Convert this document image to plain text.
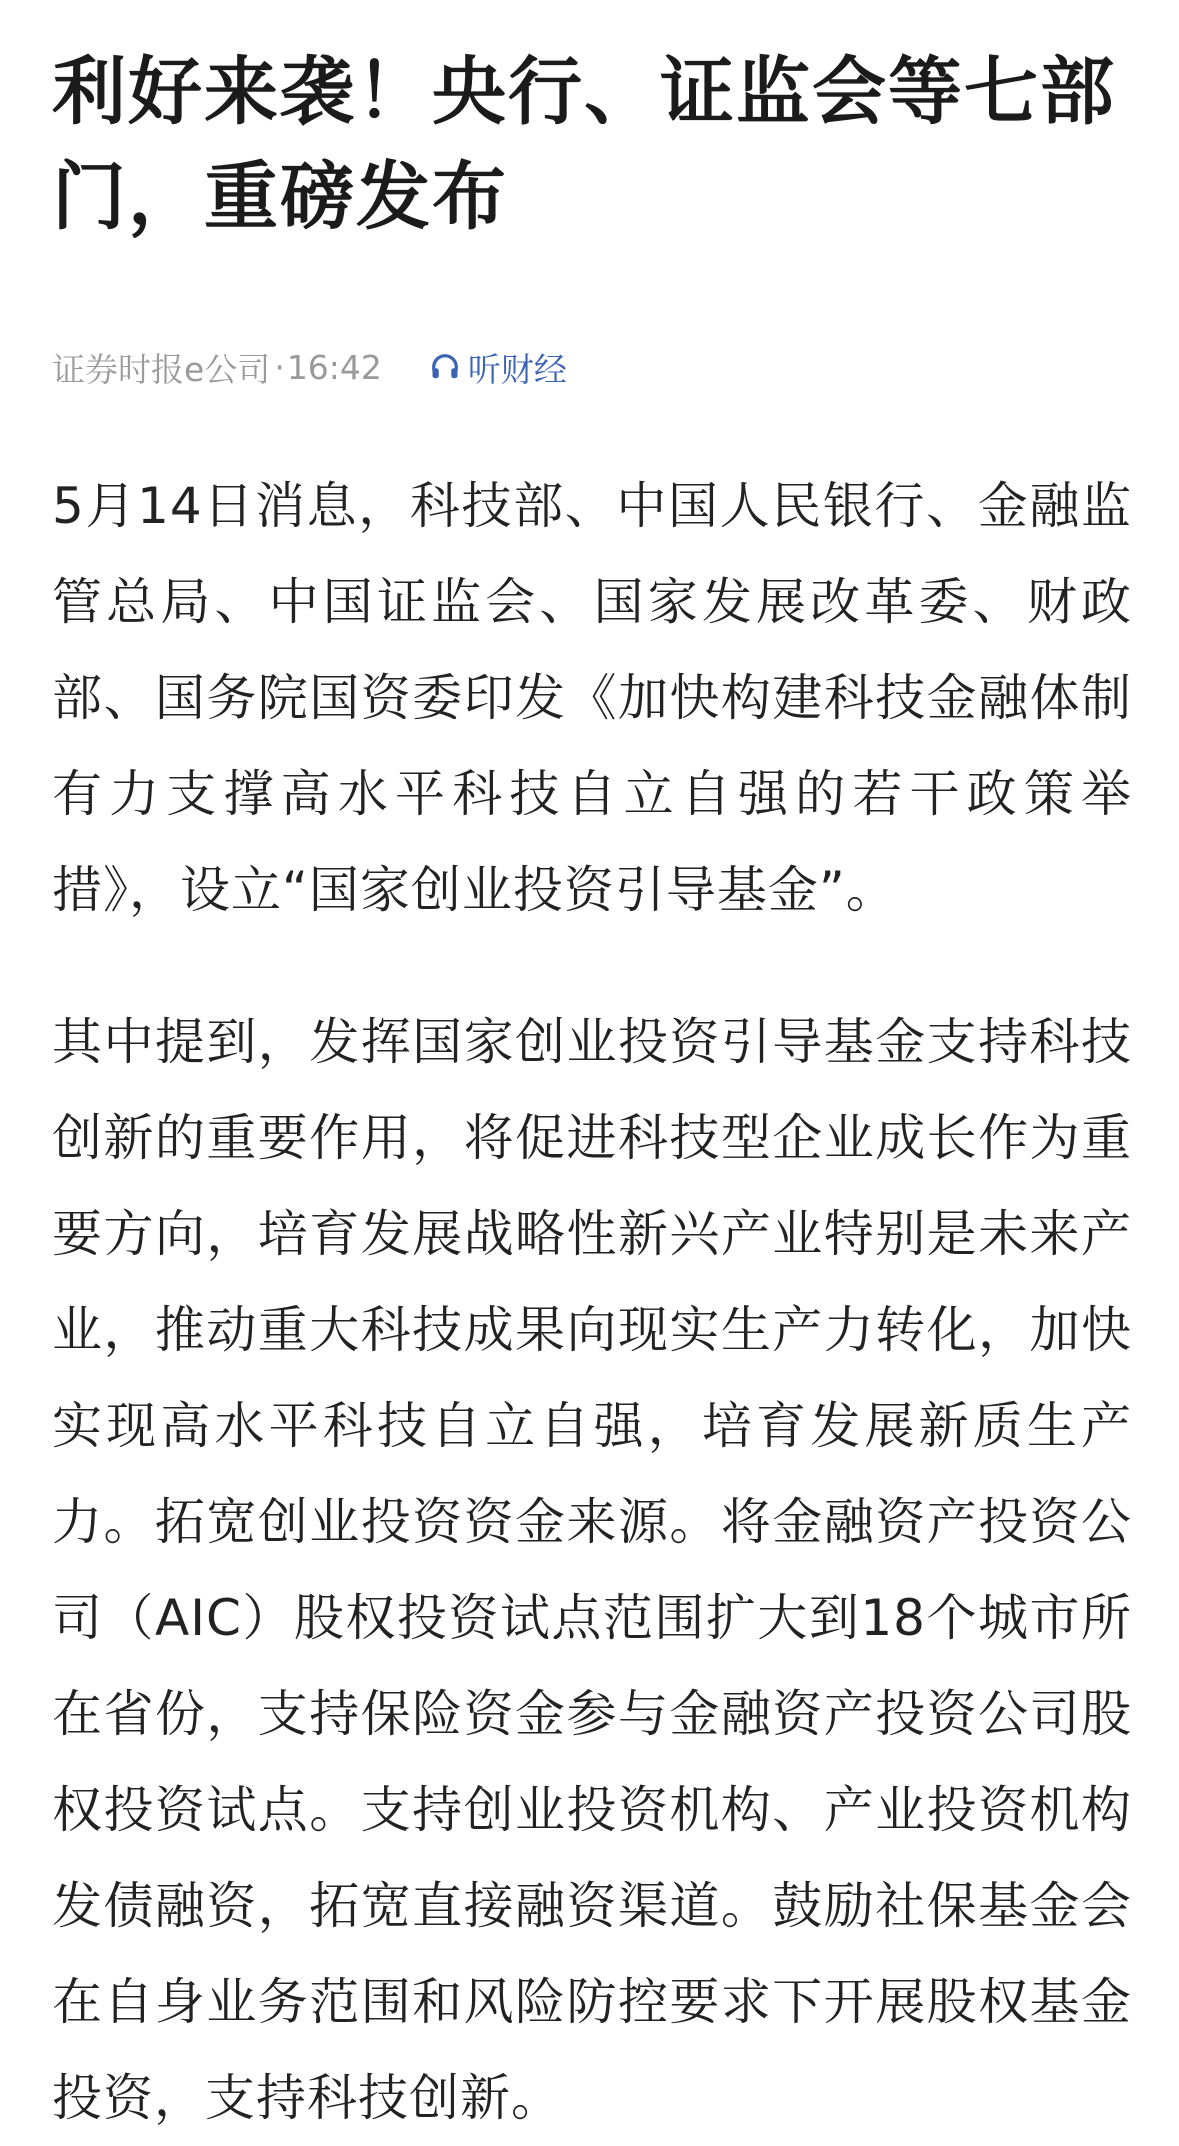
利好来袭！央行、证监会等七部门，重磅发布
证券时报e公司 · 16:42	听财经

5月14日消息，科技部、中国人民银行、金融监管总局、中国证监会、国家发展改革委、财政部、国务院国资委印发《加快构建科技金融体制 有力支撑高水平科技自立自强的若干政策举措》，设立“国家创业投资引导基金”。

其中提到，发挥国家创业投资引导基金支持科技创新的重要作用，将促进科技型企业成长作为重要方向，培育发展战略性新兴产业特别是未来产业，推动重大科技成果向现实生产力转化，加快实现高水平科技自立自强，培育发展新质生产力。拓宽创业投资资金来源。将金融资产投资公司（AIC）股权投资试点范围扩大到18个城市所在省份，支持保险资金参与金融资产投资公司股权投资试点。支持创业投资机构、产业投资机构发债融资，拓宽直接融资渠道。鼓励社保基金会在自身业务范围和风险防控要求下开展股权基金投资，支持科技创新。
